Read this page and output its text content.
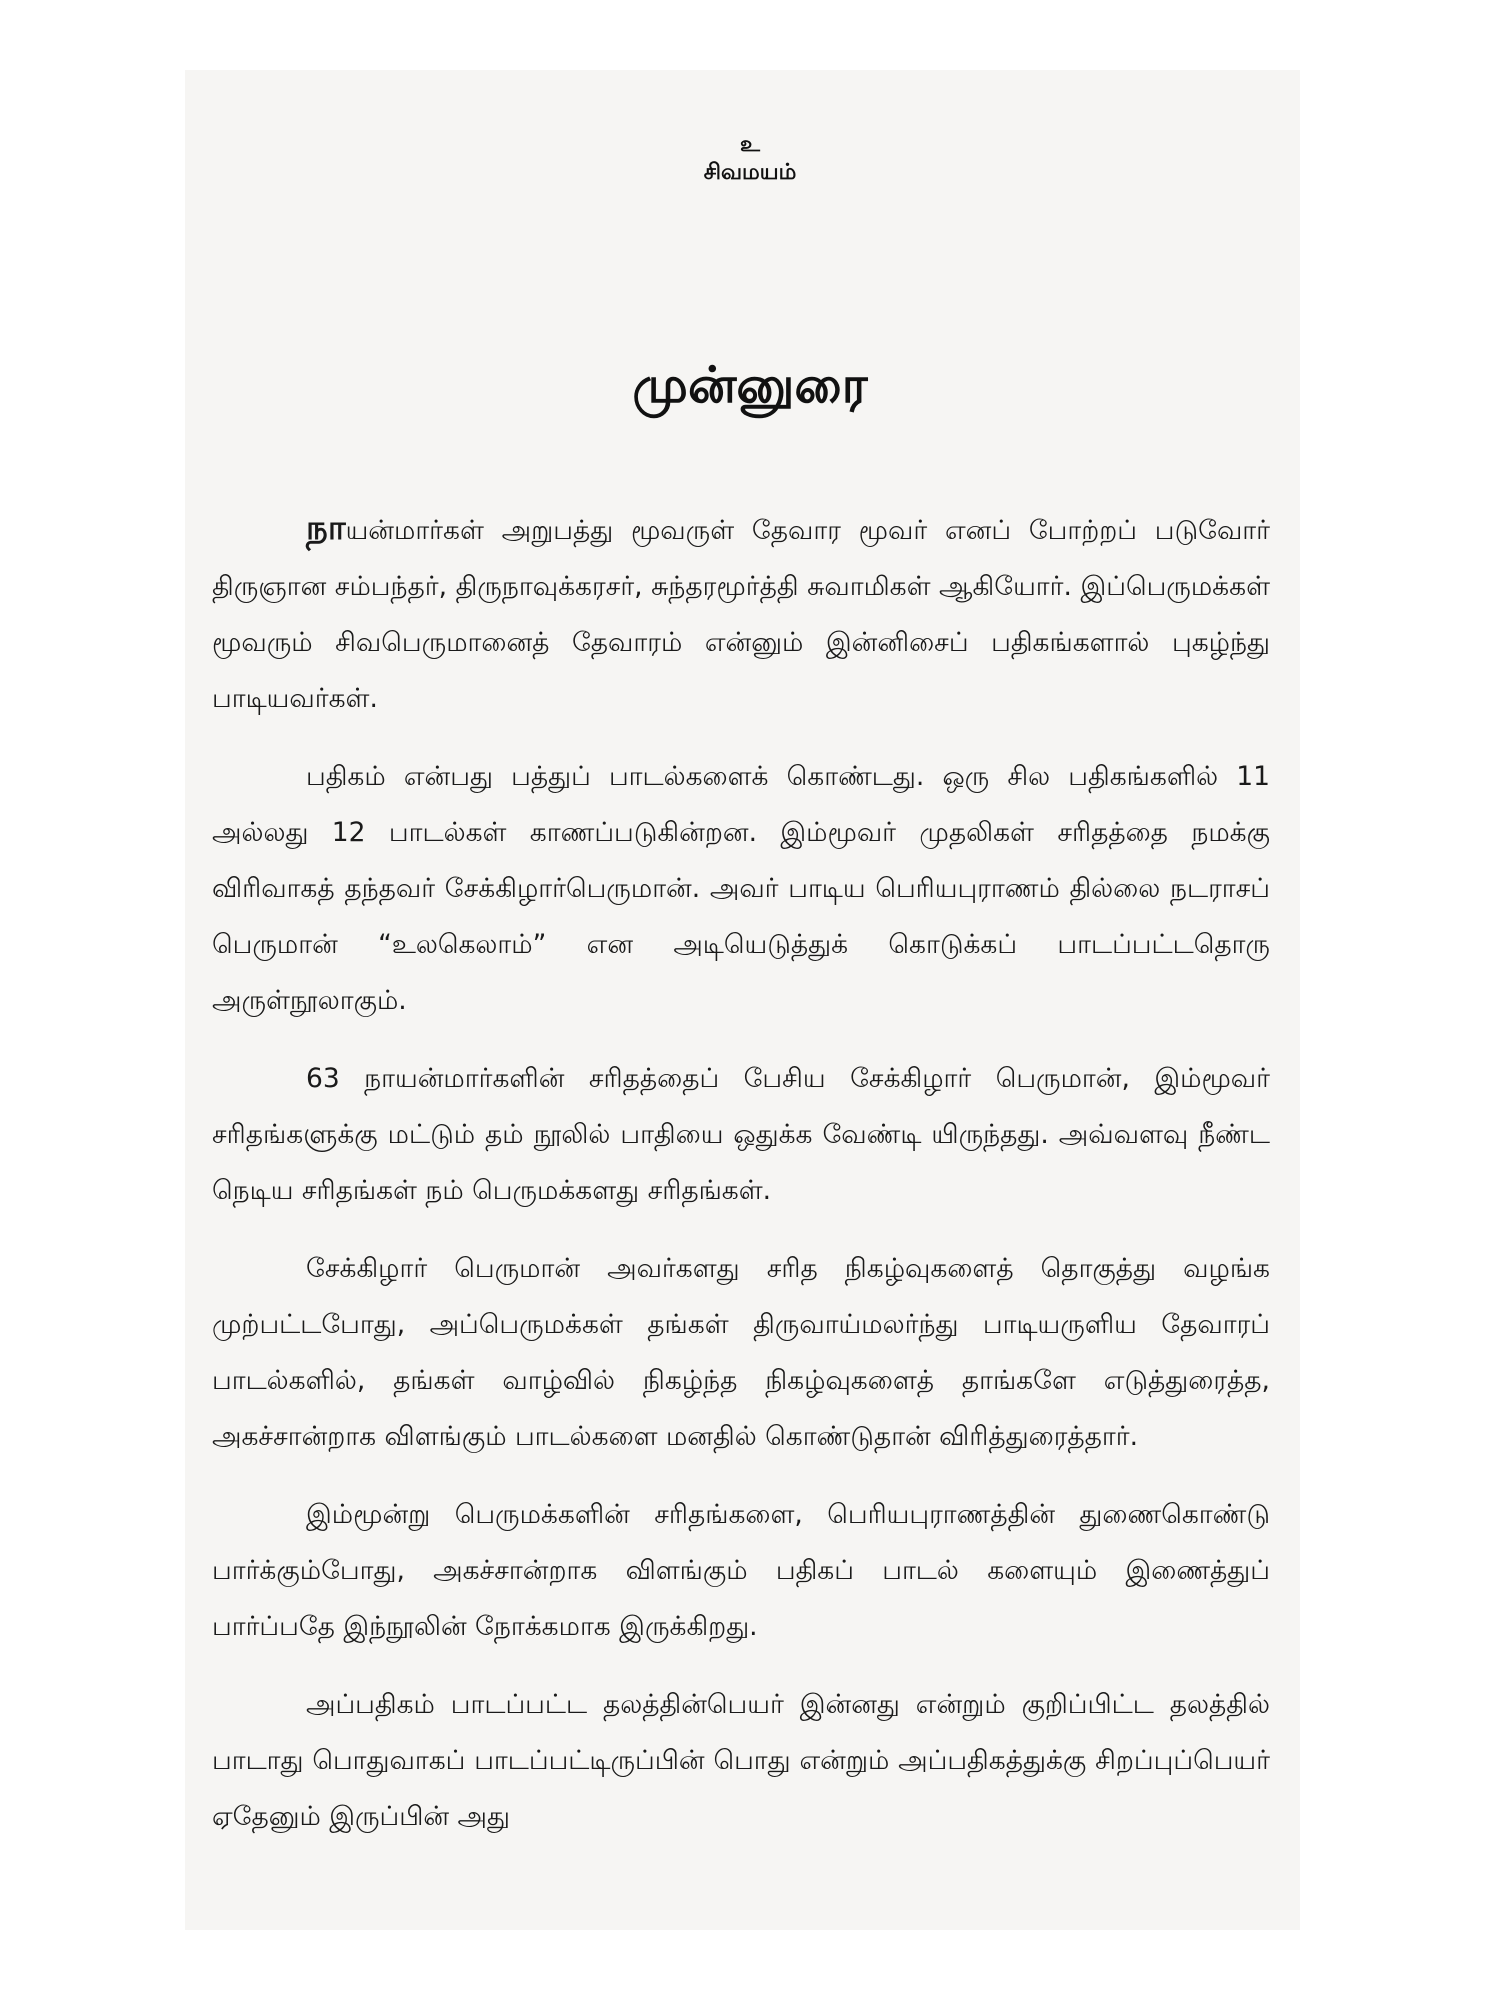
உ
சிவமயம்
முன்னுரை

நாயன்மார்கள் அறுபத்து மூவருள் தேவார மூவர் எனப் போற்றப் படுவோர் திருஞான சம்பந்தர், திருநாவுக்கரசர், சுந்தரமூர்த்தி சுவாமிகள் ஆகியோர். இப்பெருமக்கள் மூவரும் சிவபெருமானைத் தேவாரம் என்னும் இன்னிசைப் பதிகங்களால் புகழ்ந்து பாடியவர்கள்.

பதிகம் என்பது பத்துப் பாடல்களைக் கொண்டது. ஒரு சில பதிகங்களில் 11 அல்லது 12 பாடல்கள் காணப்படுகின்றன. இம்மூவர் முதலிகள் சரிதத்தை நமக்கு விரிவாகத் தந்தவர் சேக்கிழார்பெருமான். அவர் பாடிய பெரியபுராணம் தில்லை நடராசப் பெருமான் “உலகெலாம்” என அடியெடுத்துக் கொடுக்கப் பாடப்பட்டதொரு அருள்நூலாகும்.

63 நாயன்மார்களின் சரிதத்தைப் பேசிய சேக்கிழார் பெருமான், இம்மூவர் சரிதங்களுக்கு மட்டும் தம் நூலில் பாதியை ஒதுக்க வேண்டி யிருந்தது. அவ்வளவு நீண்ட நெடிய சரிதங்கள் நம் பெருமக்களது சரிதங்கள்.

சேக்கிழார் பெருமான் அவர்களது சரித நிகழ்வுகளைத் தொகுத்து வழங்க முற்பட்டபோது, அப்பெருமக்கள் தங்கள் திருவாய்மலர்ந்து பாடியருளிய தேவாரப் பாடல்களில், தங்கள் வாழ்வில் நிகழ்ந்த நிகழ்வுகளைத் தாங்களே எடுத்துரைத்த, அகச்சான்றாக விளங்கும் பாடல்களை மனதில் கொண்டுதான் விரித்துரைத்தார்.

இம்மூன்று பெருமக்களின் சரிதங்களை, பெரியபுராணத்தின் துணைகொண்டு பார்க்கும்போது, அகச்சான்றாக விளங்கும் பதிகப் பாடல் களையும் இணைத்துப் பார்ப்பதே இந்நூலின் நோக்கமாக இருக்கிறது.

அப்பதிகம் பாடப்பட்ட தலத்தின்பெயர் இன்னது என்றும் குறிப்பிட்ட தலத்தில் பாடாது பொதுவாகப் பாடப்பட்டிருப்பின் பொது என்றும் அப்பதிகத்துக்கு சிறப்புப்பெயர் ஏதேனும் இருப்பின் அது
